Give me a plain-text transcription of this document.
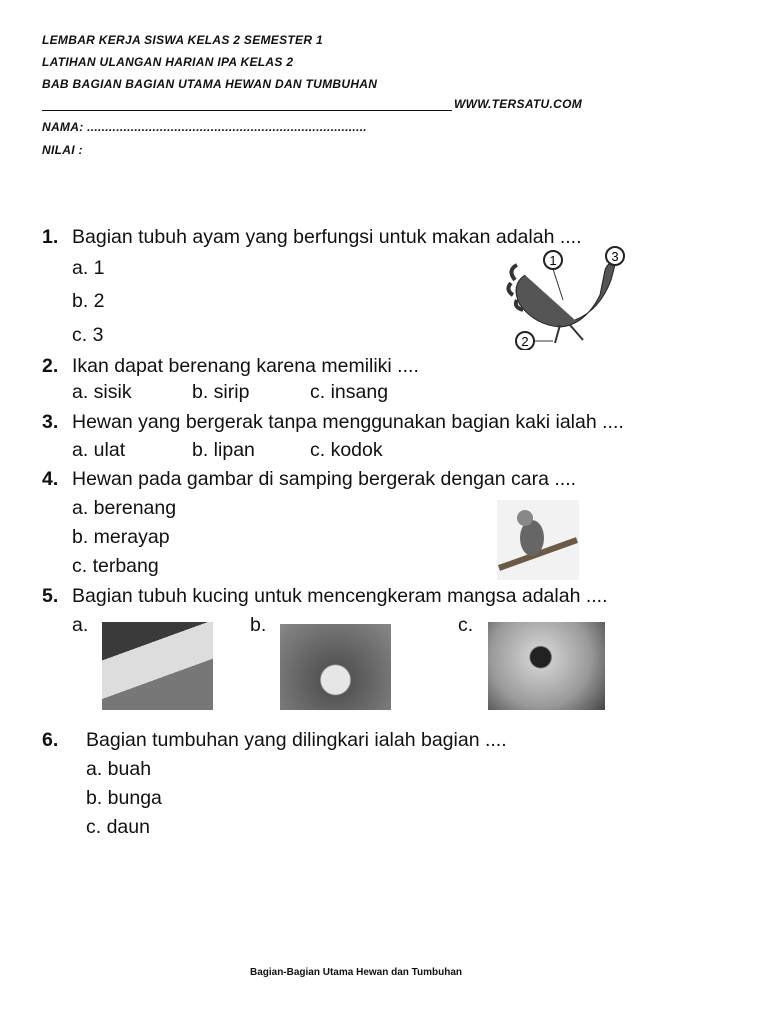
LEMBAR KERJA SISWA KELAS 2 SEMESTER 1
LATIHAN ULANGAN HARIAN IPA KELAS 2
BAB BAGIAN BAGIAN UTAMA HEWAN DAN TUMBUHAN
WWW.TERSATU.COM
NAMA: .............................................................................
NILAI :
1. Bagian tubuh ayam yang berfungsi untuk makan adalah ....
a. 1
b. 2
c. 3
1
2
3
2. Ikan dapat berenang karena memiliki ....
a. sisik	b. sirip	c. insang
3. Hewan yang bergerak tanpa menggunakan bagian kaki ialah ....
a. ulat	b. lipan	c. kodok
4. Hewan pada gambar di samping bergerak dengan cara ....
a. berenang
b. merayap
c. terbang
5. Bagian tubuh kucing untuk mencengkeram mangsa adalah ....
a.	b.	c.
6. Bagian tumbuhan yang dilingkari ialah bagian ....
a. buah
b. bunga
c. daun
Bagian-Bagian Utama Hewan dan Tumbuhan
